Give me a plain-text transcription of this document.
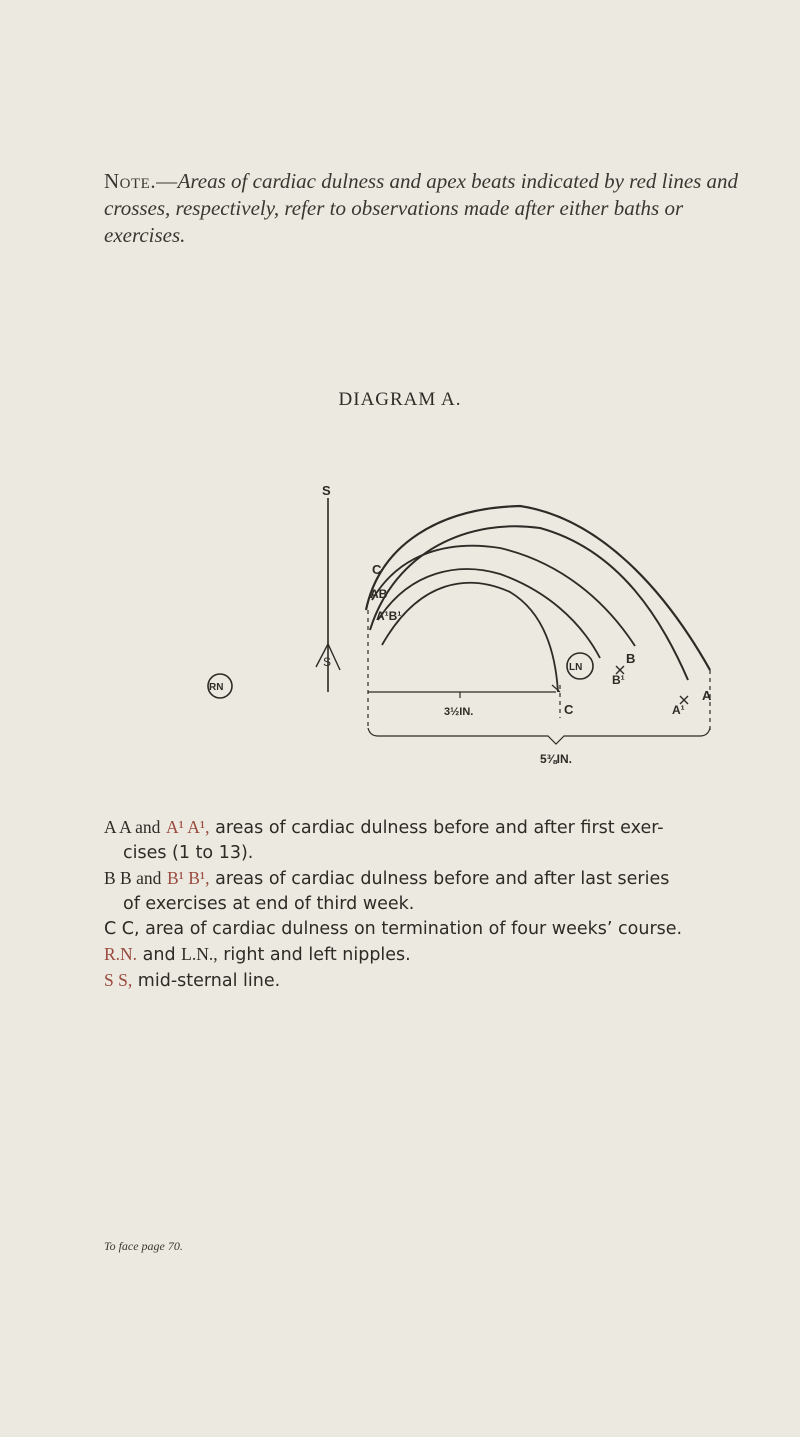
Note.—Areas of cardiac dulness and apex beats indicated by red lines and crosses, respectively, refer to observations made after either baths or exercises.
DIAGRAM A.
S
S
3½IN.
5⅜IN.
RN
LN
C
AB
A¹B¹
B
B¹
A
A¹
C

A A and A¹ A¹, areas of cardiac dulness before and after first exer-

cises (1 to 13).

B B and B¹ B¹, areas of cardiac dulness before and after last series

of exercises at end of third week.

C C, area of cardiac dulness on termination of four weeks’ course.

R.N. and L.N., right and left nipples.

S S, mid-sternal line.

To face page 70.
